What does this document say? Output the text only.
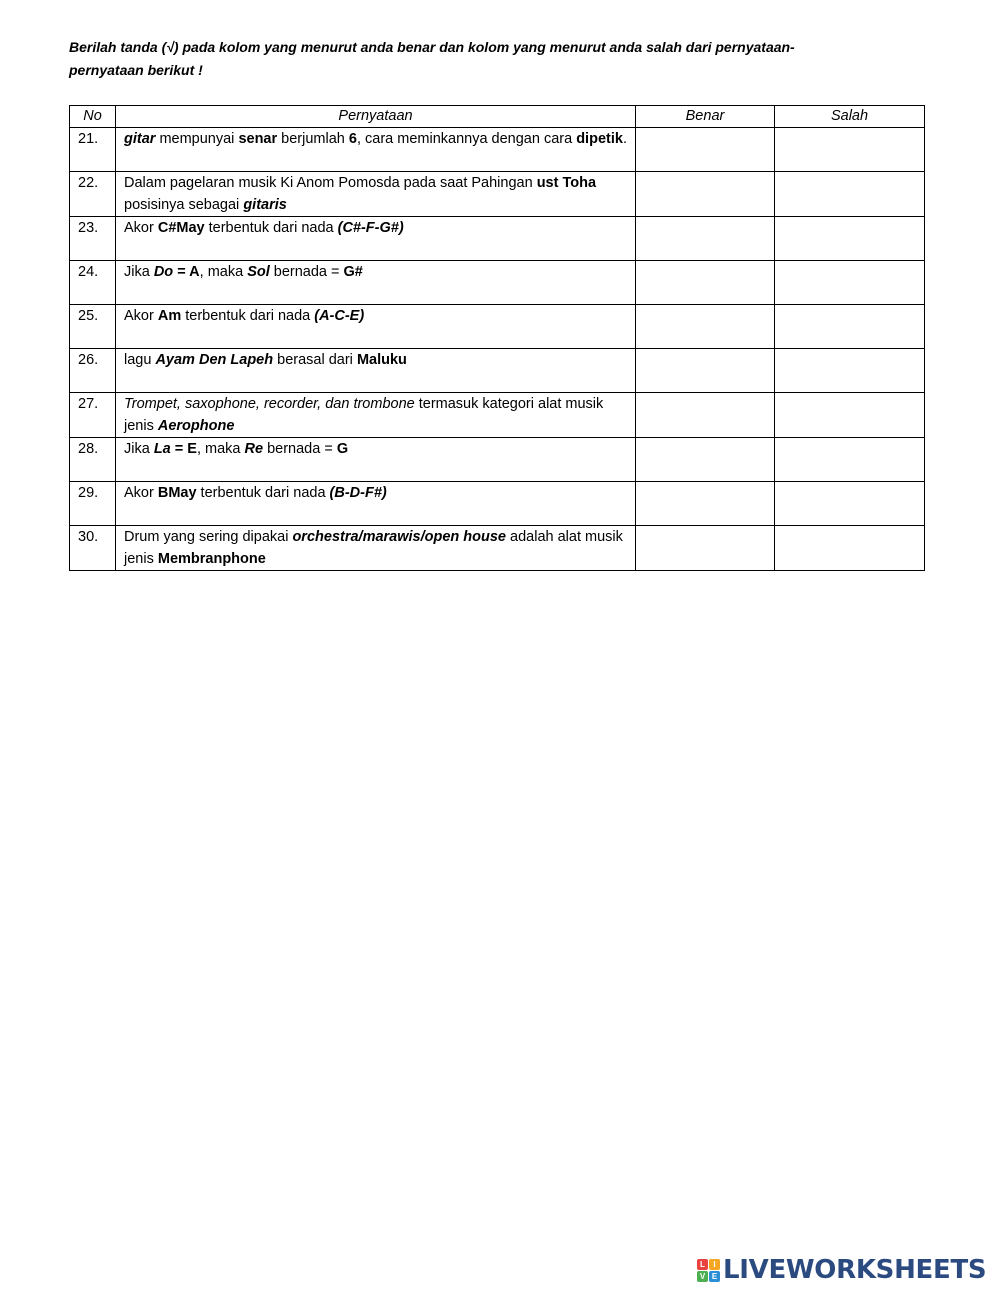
Berilah tanda (√) pada kolom yang menurut anda benar dan kolom yang menurut anda salah dari pernyataan-
pernyataan berikut !
No	Pernyataan	Benar	Salah
21.	gitar mempunyai senar berjumlah 6, cara meminkannya dengan cara dipetik.		
22.	Dalam pagelaran musik Ki Anom Pomosda pada saat Pahingan ust Toha posisinya sebagai gitaris		
23.	Akor C#May terbentuk dari nada (C#-F-G#)		
24.	Jika Do = A, maka Sol bernada = G#		
25.	Akor Am terbentuk dari nada (A-C-E)		
26.	lagu Ayam Den Lapeh berasal dari Maluku		
27.	Trompet, saxophone, recorder, dan trombone termasuk kategori alat musik jenis Aerophone		
28.	Jika La = E, maka Re bernada = G		
29.	Akor BMay terbentuk dari nada (B-D-F#)		
30.	Drum yang sering dipakai orchestra/marawis/open house adalah alat musik jenis Membranphone		
L	I
V E LIVEWORKSHEETS
